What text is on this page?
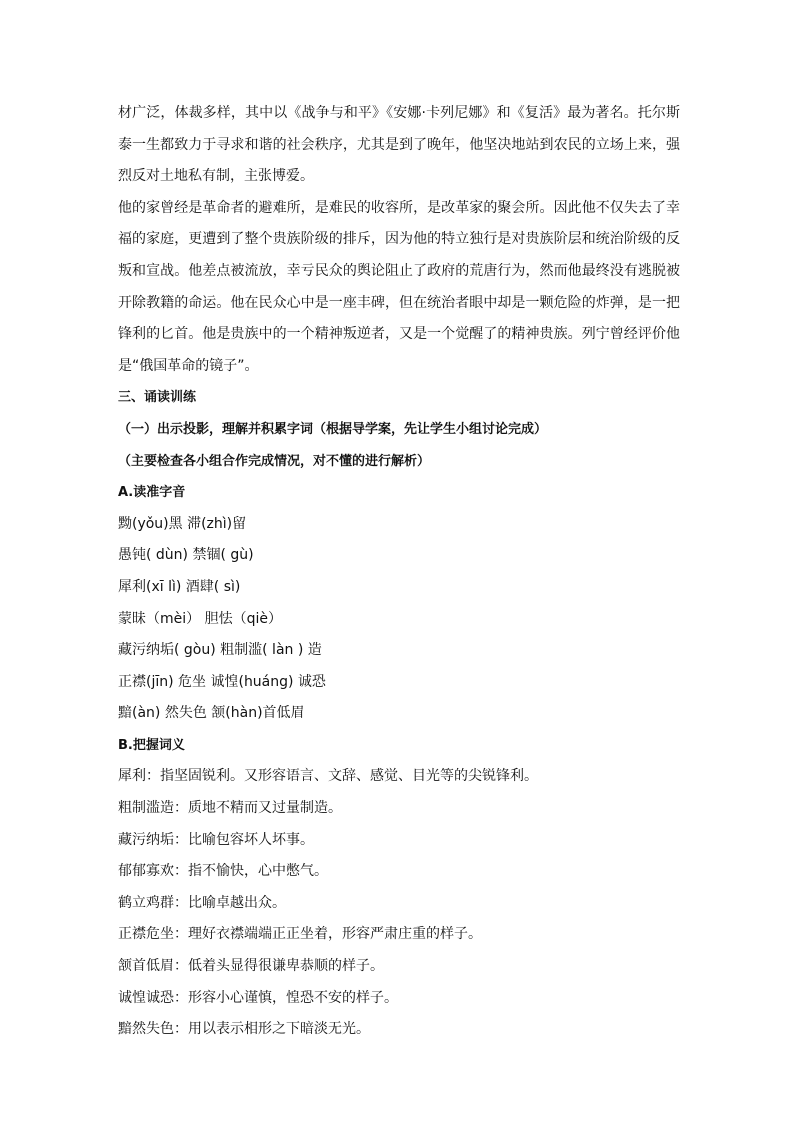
材广泛，体裁多样，其中以《战争与和平》《安娜·卡列尼娜》和《复活》最为著名。托尔斯泰一生都致力于寻求和谐的社会秩序，尤其是到了晚年，他坚决地站到农民的立场上来，强烈反对土地私有制，主张博爱。

他的家曾经是革命者的避难所，是难民的收容所，是改革家的聚会所。因此他不仅失去了幸福的家庭，更遭到了整个贵族阶级的排斥，因为他的特立独行是对贵族阶层和统治阶级的反叛和宣战。他差点被流放，幸亏民众的舆论阻止了政府的荒唐行为，然而他最终没有逃脱被开除教籍的命运。他在民众心中是一座丰碑，但在统治者眼中却是一颗危险的炸弹，是一把锋利的匕首。他是贵族中的一个精神叛逆者，又是一个觉醒了的精神贵族。列宁曾经评价他是“俄国革命的镜子”。

三、诵读训练

（一）出示投影，理解并积累字词（根据导学案，先让学生小组讨论完成）

（主要检查各小组合作完成情况，对不懂的进行解析）

A.读准字音

黝(yǒu)黑 滞(zhì)留

愚钝( dùn) 禁锢( gù)

犀利(xī lì) 酒肆( sì)

蒙昧（mèi） 胆怯（qiè）

藏污纳垢( gòu) 粗制滥( làn ) 造

正襟(jīn) 危坐 诚惶(huáng) 诚恐

黯(àn) 然失色 颔(hàn)首低眉

B.把握词义

犀利：指坚固锐利。又形容语言、文辞、感觉、目光等的尖锐锋利。

粗制滥造：质地不精而又过量制造。

藏污纳垢：比喻包容坏人坏事。

郁郁寡欢：指不愉快，心中憋气。

鹤立鸡群：比喻卓越出众。

正襟危坐：理好衣襟端端正正坐着，形容严肃庄重的样子。

颔首低眉：低着头显得很谦卑恭顺的样子。

诚惶诚恐：形容小心谨慎，惶恐不安的样子。

黯然失色：用以表示相形之下暗淡无光。
